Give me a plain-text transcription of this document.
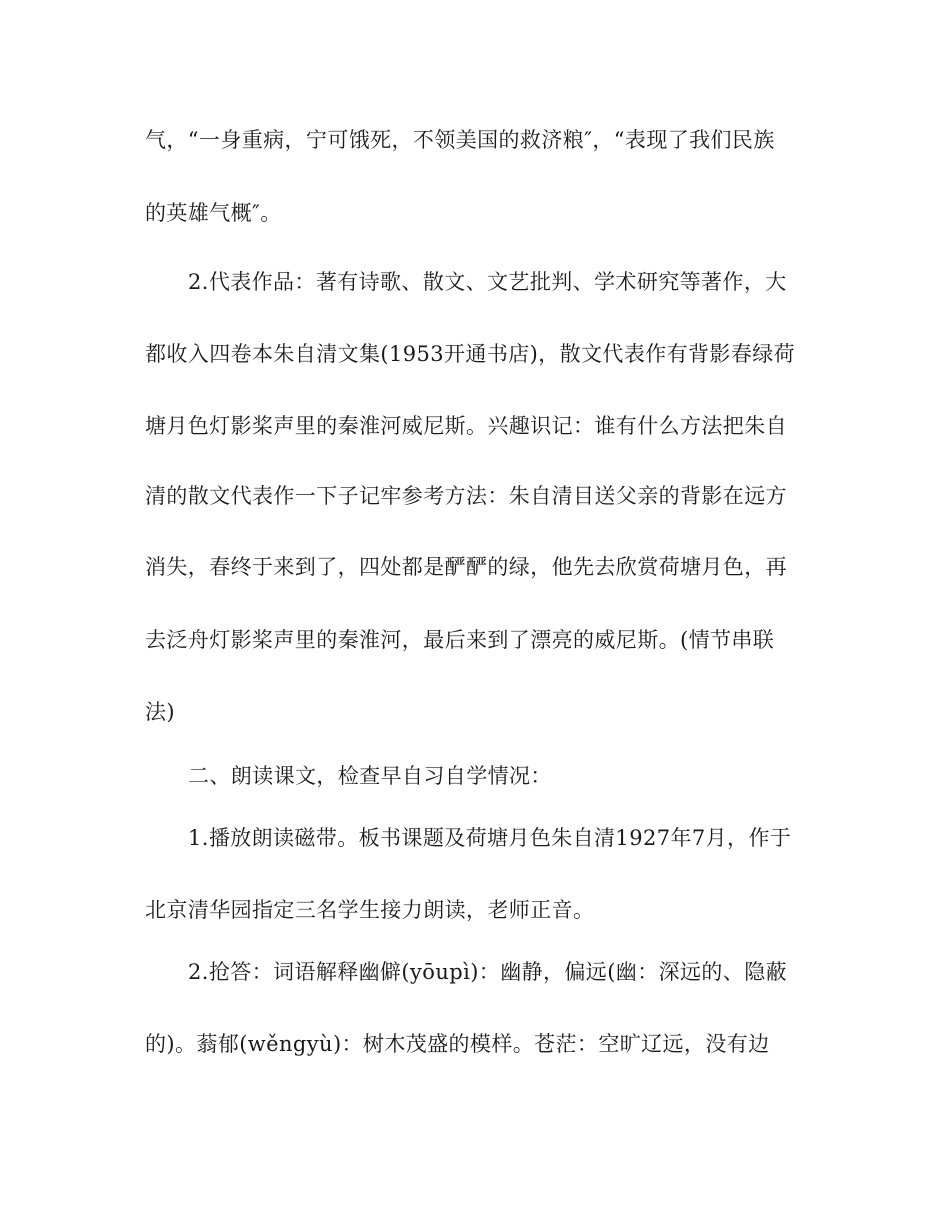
气，“一身重病，宁可饿死，不领美国的救济粮″，“表现了我们民族
的英雄气概″。
2.代表作品：著有诗歌、散文、文艺批判、学术研究等著作，大
都收入四卷本朱自清文集(1953开通书店)，散文代表作有背影春绿荷
塘月色灯影桨声里的秦淮河威尼斯。兴趣识记：谁有什么方法把朱自
清的散文代表作一下子记牢参考方法：朱自清目送父亲的背影在远方
消失，春终于来到了，四处都是酽酽的绿，他先去欣赏荷塘月色，再
去泛舟灯影桨声里的秦淮河，最后来到了漂亮的威尼斯。(情节串联
法)
二、朗读课文，检查早自习自学情况：
1.播放朗读磁带。板书课题及荷塘月色朱自清1927年7月，作于
北京清华园指定三名学生接力朗读，老师正音。
2.抢答：词语解释幽僻(yōupì)：幽静，偏远(幽：深远的、隐蔽
的)。蓊郁(wěngyù)：树木茂盛的模样。苍茫：空旷辽远，没有边
